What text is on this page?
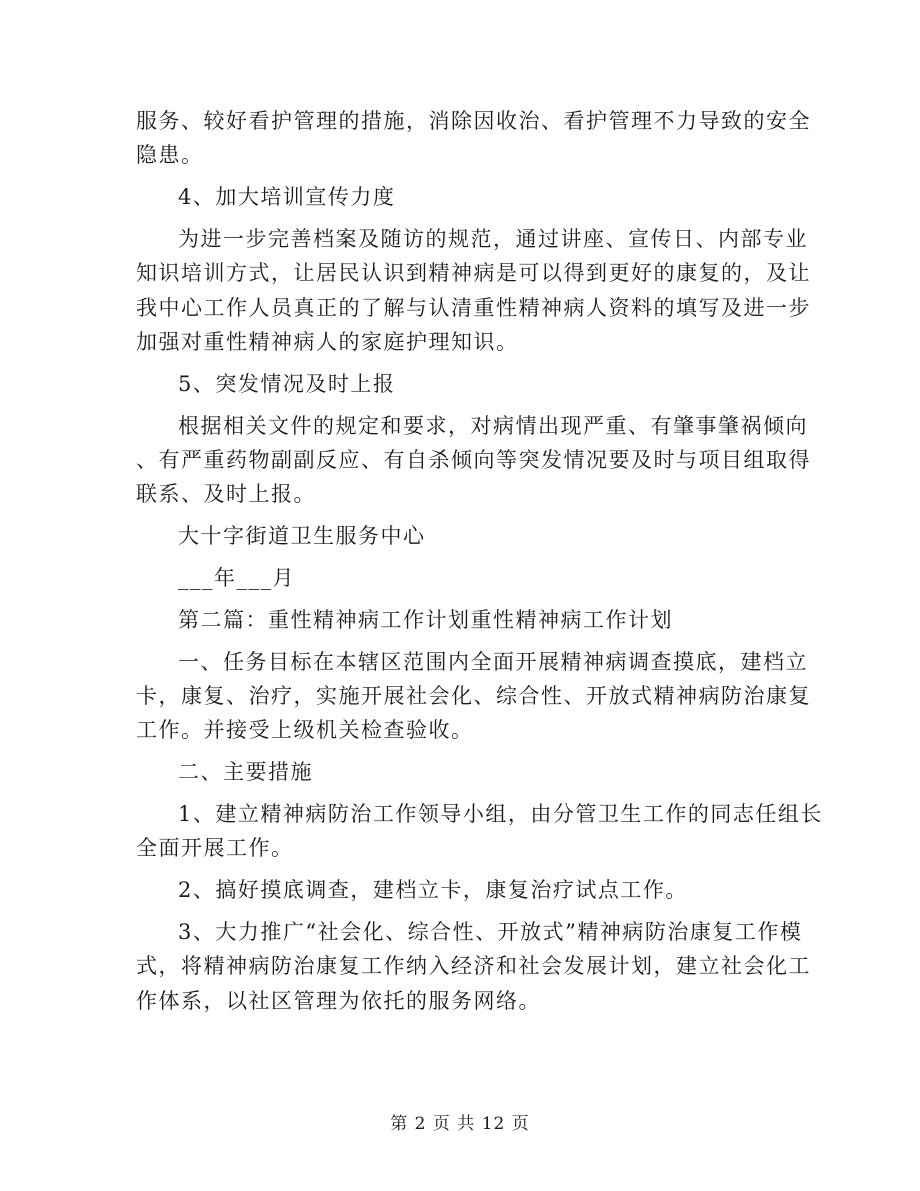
服务、较好看护管理的措施，消除因收治、看护管理不力导致的安全
隐患。
4、加大培训宣传力度
为进一步完善档案及随访的规范，通过讲座、宣传日、内部专业
知识培训方式，让居民认识到精神病是可以得到更好的康复的，及让
我中心工作人员真正的了解与认清重性精神病人资料的填写及进一步
加强对重性精神病人的家庭护理知识。
5、突发情况及时上报
根据相关文件的规定和要求，对病情出现严重、有肇事肇祸倾向
、有严重药物副副反应、有自杀倾向等突发情况要及时与项目组取得
联系、及时上报。
大十字街道卫生服务中心
___年___月
第二篇：重性精神病工作计划重性精神病工作计划
一、任务目标在本辖区范围内全面开展精神病调查摸底，建档立
卡，康复、治疗，实施开展社会化、综合性、开放式精神病防治康复
工作。并接受上级机关检查验收。
二、主要措施
1、建立精神病防治工作领导小组，由分管卫生工作的同志任组长
全面开展工作。
2、搞好摸底调查，建档立卡，康复治疗试点工作。
3、大力推广“社会化、综合性、开放式”精神病防治康复工作模
式，将精神病防治康复工作纳入经济和社会发展计划，建立社会化工
作体系，以社区管理为依托的服务网络。
第 2 页 共 12 页
